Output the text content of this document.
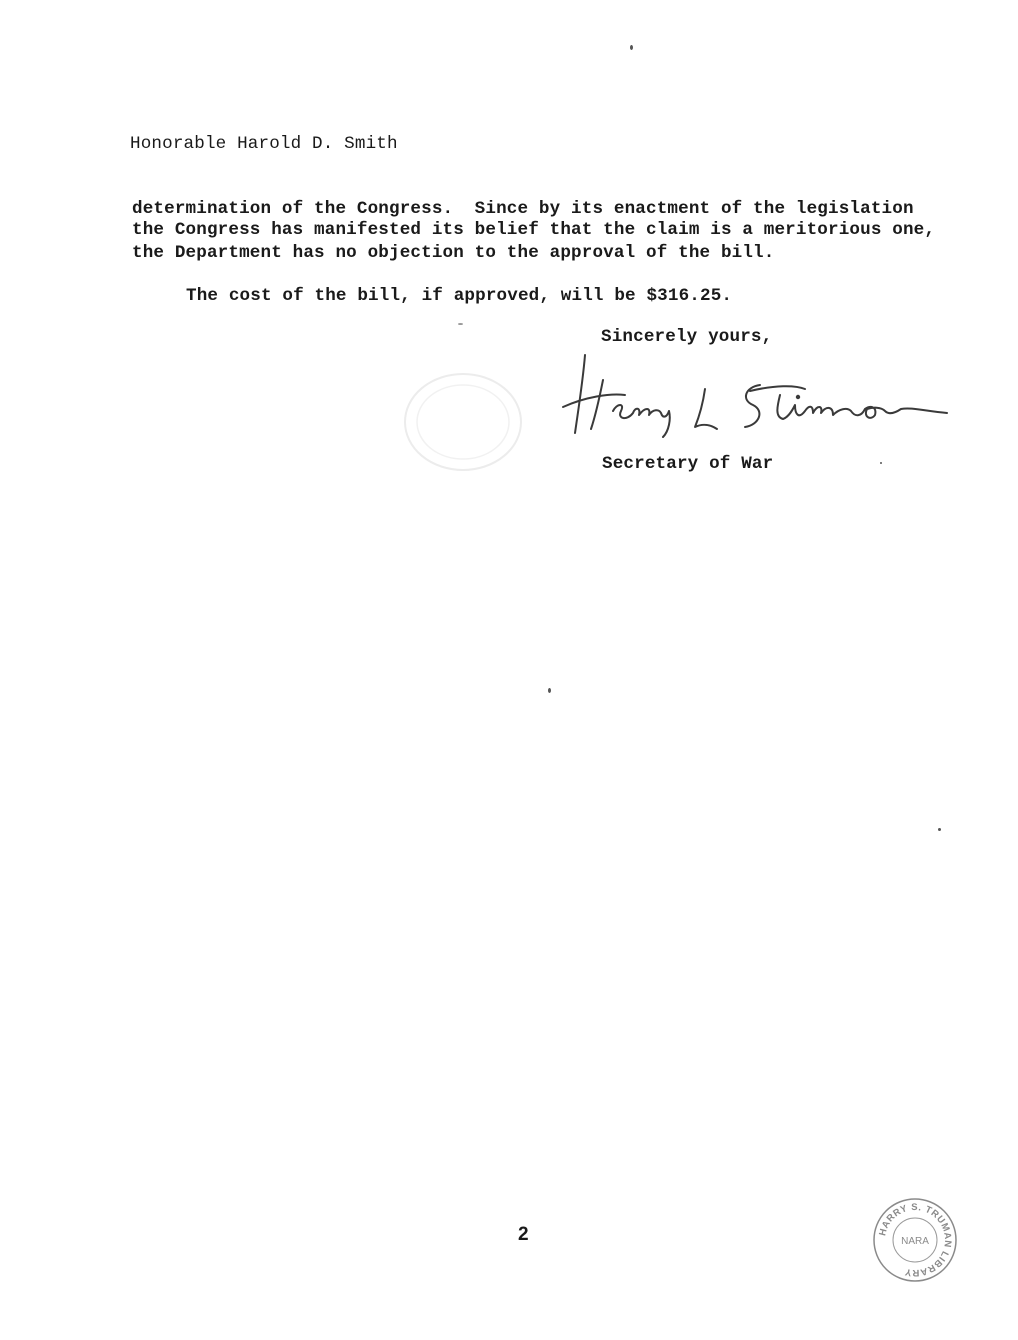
Honorable Harold D. Smith
determination of the Congress.  Since by its enactment of the legislation
the Congress has manifested its belief that the claim is a meritorious one,
the Department has no objection to the approval of the bill.
The cost of the bill, if approved, will be $316.25.
Sincerely yours,
Secretary of War
2	HARRY S. TRUMAN LIBRARY
NARA
